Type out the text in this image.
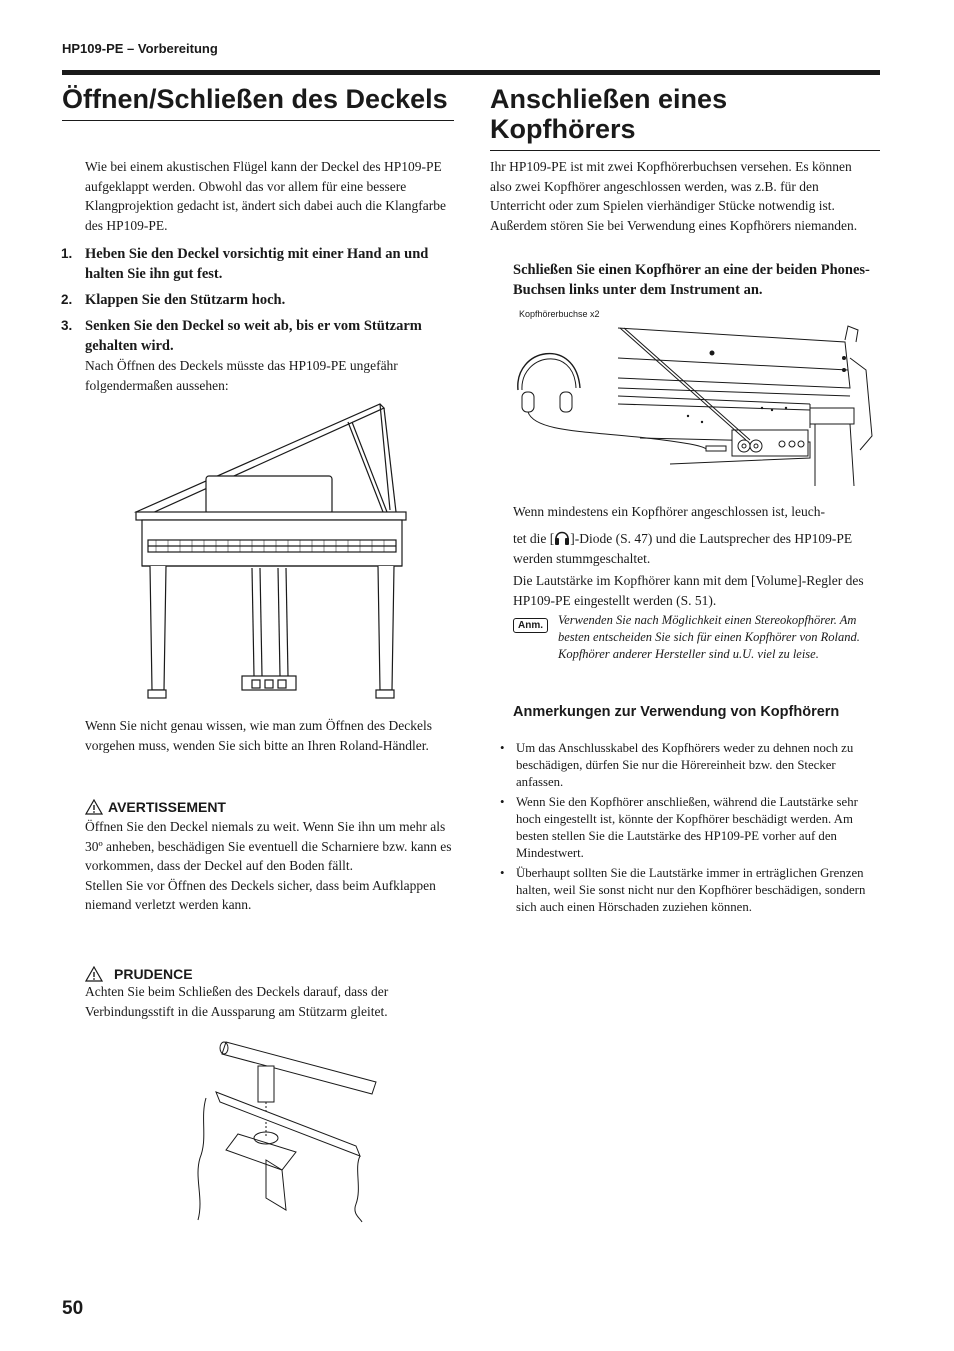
HP109-PE – Vorbereitung
Öffnen/Schließen des Deckels
Wie bei einem akustischen Flügel kann der Deckel des HP109-PE aufgeklappt werden. Obwohl das vor allem für eine bessere Klangprojektion gedacht ist, ändert sich dabei auch die Klangfarbe des HP109-PE.
1. Heben Sie den Deckel vorsichtig mit einer Hand an und halten Sie ihn gut fest.
2. Klappen Sie den Stützarm hoch.
3. Senken Sie den Deckel so weit ab, bis er vom Stützarm gehalten wird.
Nach Öffnen des Deckels müsste das HP109-PE ungefähr folgendermaßen aussehen:
Wenn Sie nicht genau wissen, wie man zum Öffnen des Deckels vorgehen muss, wenden Sie sich bitte an Ihren Roland-Händler.
AVERTISSEMENT
Öffnen Sie den Deckel niemals zu weit. Wenn Sie ihn um mehr als 30º anheben, beschädigen Sie eventuell die Scharniere bzw. kann es vorkommen, dass der Deckel auf den Boden fällt.
Stellen Sie vor Öffnen des Deckels sicher, dass beim Aufklappen niemand verletzt werden kann.
PRUDENCE
Achten Sie beim Schließen des Deckels darauf, dass der Verbindungsstift in die Aussparung am Stützarm gleitet.
Anschließen eines Kopfhörers
Ihr HP109-PE ist mit zwei Kopfhörerbuchsen versehen. Es können also zwei Kopfhörer angeschlossen werden, was z.B. für den Unterricht oder zum Spielen vierhändiger Stücke notwendig ist. Außerdem stören Sie bei Verwendung eines Kopfhörers niemanden.
Schließen Sie einen Kopfhörer an eine der beiden Phones-Buchsen links unter dem Instrument an.
Kopfhörerbuchse x2
Wenn mindestens ein Kopfhörer angeschlossen ist, leuch-
tet die [ ]-Diode (S. 47) und die Lautsprecher des HP109-PE werden stummgeschaltet.
Die Lautstärke im Kopfhörer kann mit dem [Volume]-Regler des HP109-PE eingestellt werden (S. 51).
Anm.	Verwenden Sie nach Möglichkeit einen Stereokopfhörer. Am besten entscheiden Sie sich für einen Kopfhörer von Roland. Kopfhörer anderer Hersteller sind u.U. viel zu leise.
Anmerkungen zur Verwendung von Kopfhörern
• Um das Anschlusskabel des Kopfhörers weder zu dehnen noch zu beschädigen, dürfen Sie nur die Hörereinheit bzw. den Stecker anfassen.
• Wenn Sie den Kopfhörer anschließen, während die Lautstärke sehr hoch eingestellt ist, könnte der Kopfhörer beschädigt werden. Am besten stellen Sie die Lautstärke des HP109-PE vorher auf den Mindestwert.
• Überhaupt sollten Sie die Lautstärke immer in erträglichen Grenzen halten, weil Sie sonst nicht nur den Kopfhörer beschädigen, sondern sich auch einen Hörschaden zuziehen können.
50
